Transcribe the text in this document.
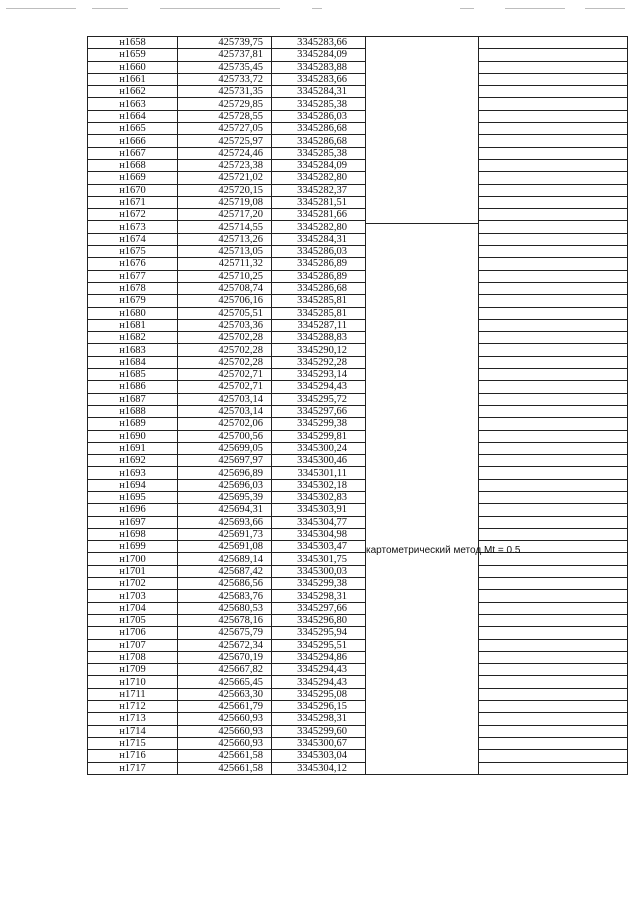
н1658	425739,75	3345283,66	картометрический метод Mt = 0.5	

н1659	425737,81	3345284,09		
н1660	425735,45	3345283,88		
н1661	425733,72	3345283,66		
н1662	425731,35	3345284,31		
н1663	425729,85	3345285,38		
н1664	425728,55	3345286,03		
н1665	425727,05	3345286,68		
н1666	425725,97	3345286,68		
н1667	425724,46	3345285,38		
н1668	425723,38	3345284,09		
н1669	425721,02	3345282,80		
н1670	425720,15	3345282,37		
н1671	425719,08	3345281,51		
н1672	425717,20	3345281,66		
н1673	425714,55	3345282,80		
н1674	425713,26	3345284,31		
н1675	425713,05	3345286,03		
н1676	425711,32	3345286,89		
н1677	425710,25	3345286,89		
н1678	425708,74	3345286,68		
н1679	425706,16	3345285,81		
н1680	425705,51	3345285,81		
н1681	425703,36	3345287,11		
н1682	425702,28	3345288,83		
н1683	425702,28	3345290,12		
н1684	425702,28	3345292,28		
н1685	425702,71	3345293,14		
н1686	425702,71	3345294,43		
н1687	425703,14	3345295,72		
н1688	425703,14	3345297,66		
н1689	425702,06	3345299,38		
н1690	425700,56	3345299,81		
н1691	425699,05	3345300,24		
н1692	425697,97	3345300,46		
н1693	425696,89	3345301,11		
н1694	425696,03	3345302,18		
н1695	425695,39	3345302,83		
н1696	425694,31	3345303,91		
н1697	425693,66	3345304,77		
н1698	425691,73	3345304,98		
н1699	425691,08	3345303,47		
н1700	425689,14	3345301,75		
н1701	425687,42	3345300,03		
н1702	425686,56	3345299,38		
н1703	425683,76	3345298,31		
н1704	425680,53	3345297,66		
н1705	425678,16	3345296,80		
н1706	425675,79	3345295,94		
н1707	425672,34	3345295,51		
н1708	425670,19	3345294,86		
н1709	425667,82	3345294,43		
н1710	425665,45	3345294,43		
н1711	425663,30	3345295,08		
н1712	425661,79	3345296,15		
н1713	425660,93	3345298,31		
н1714	425660,93	3345299,60		
н1715	425660,93	3345300,67		
н1716	425661,58	3345303,04		
н1717	425661,58	3345304,12		
